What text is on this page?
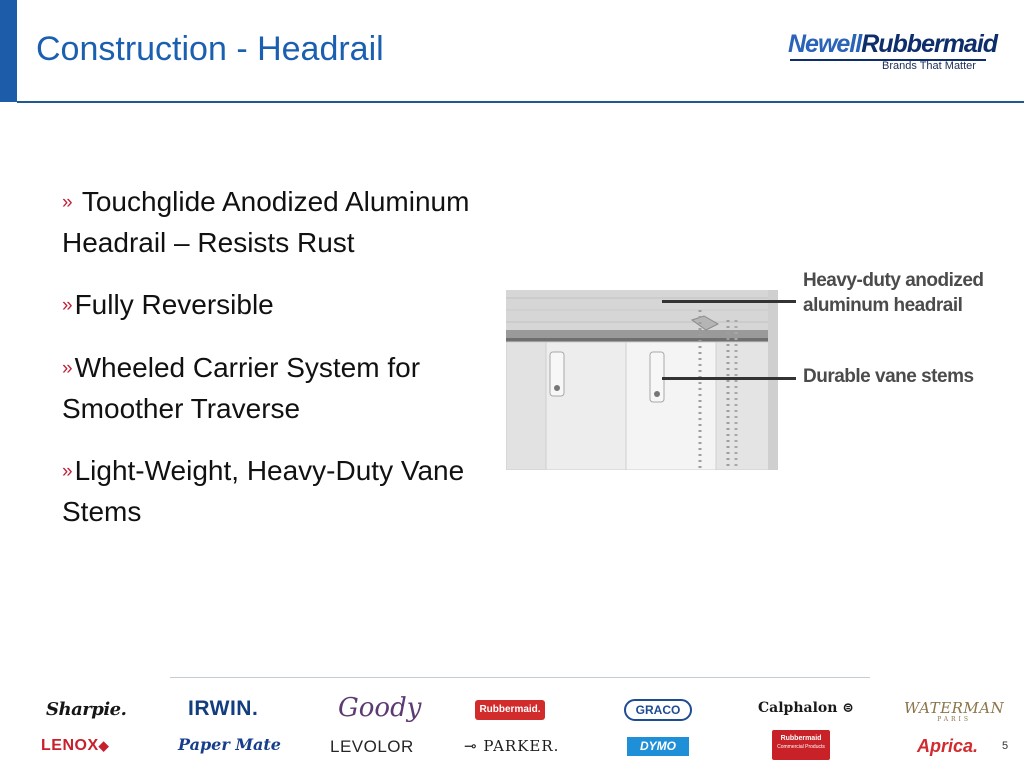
Construction - Headrail	NewellRubbermaid
Brands That Matter
» Touchglide Anodized Aluminum Headrail – Resists Rust
»Fully Reversible
»Wheeled Carrier System for Smoother Traverse
»Light-Weight, Heavy-Duty Vane Stems
Heavy-duty anodized aluminum headrail
Durable vane stems
Sharpie.	IRWIN.	Goody	Rubbermaid.	GRACO	Calphalon ⊜	WATERMAN
PARIS
LENOX◆	Paper Mate	LEVOLOR	⊸ PARKER.	DYMO
Rubbermaid
Commercial Products	Aprica. 5
